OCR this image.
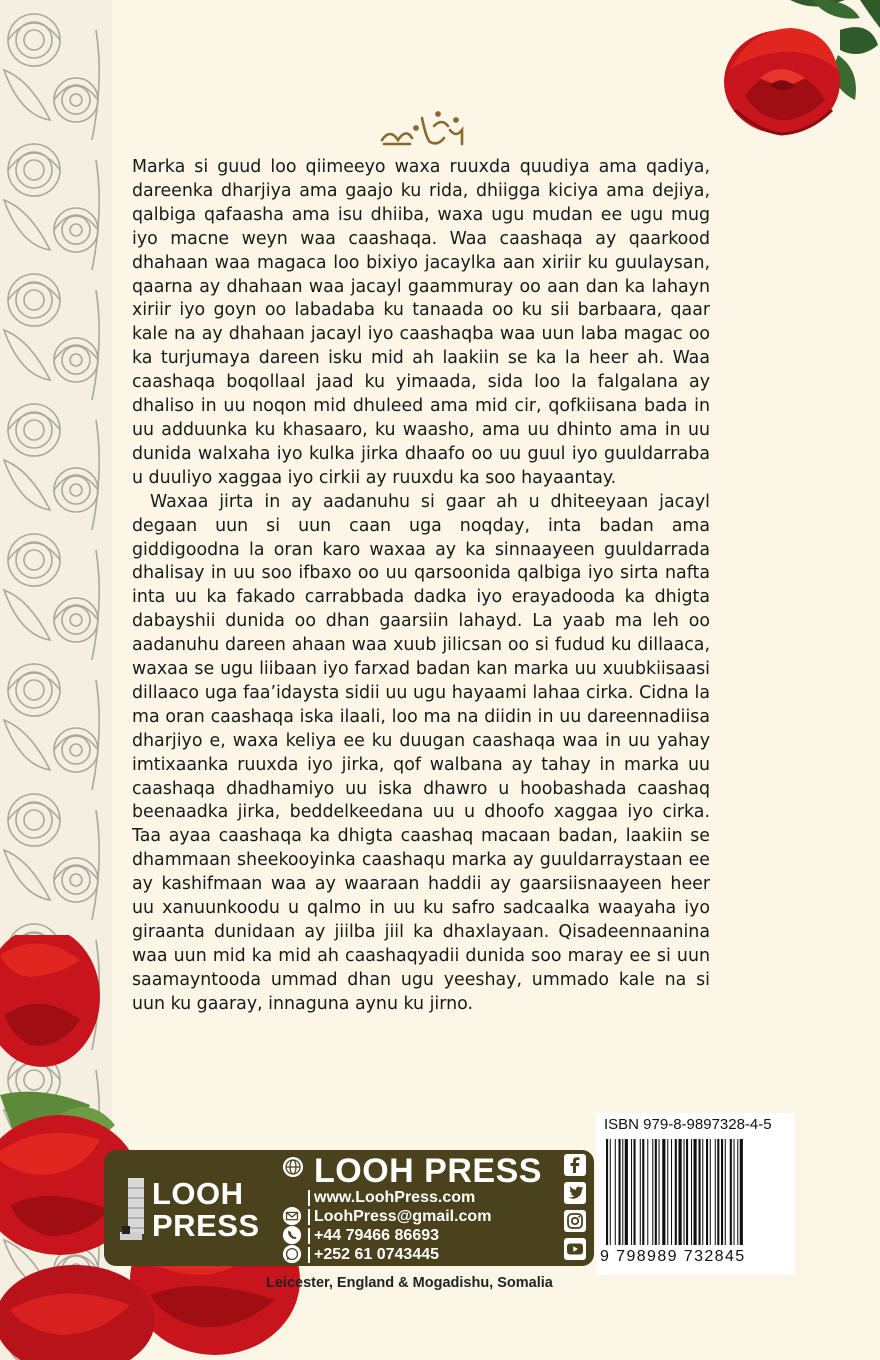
Marka si guud loo qiimeeyo waxa ruuxda quudiya ama qadiya, dareenka dharjiya ama gaajo ku rida, dhiigga kiciya ama dejiya, qalbiga qafaasha ama isu dhiiba, waxa ugu mudan ee ugu mug iyo macne weyn waa caashaqa. Waa caashaqa ay qaarkood dhahaan waa magaca loo bixiyo jacaylka aan xiriir ku guulaysan, qaarna ay dhahaan waa jacayl gaammuray oo aan dan ka lahayn xiriir iyo goyn oo labadaba ku tanaada oo ku sii barbaara, qaar kale na ay dhahaan jacayl iyo caashaqba waa uun laba magac oo ka turjumaya dareen isku mid ah laakiin se ka la heer ah. Waa caashaqa boqollaal jaad ku yimaada, sida loo la falgalana ay dhaliso in uu noqon mid dhuleed ama mid cir, qofkiisana bada in uu adduunka ku khasaaro, ku waasho, ama uu dhinto ama in uu dunida walxaha iyo kulka jirka dhaafo oo uu guul iyo guuldarraba u duuliyo xaggaa iyo cirkii ay ruuxdu ka soo hayaantay.

Waxaa jirta in ay aadanuhu si gaar ah u dhiteeyaan jacayl degaan uun si uun caan uga noqday, inta badan ama giddigoodna la oran karo waxaa ay ka sinnaayeen guuldarrada dhalisay in uu soo ifbaxo oo uu qarsoonida qalbiga iyo sirta nafta inta uu ka fakado carrabbada dadka iyo erayadooda ka dhigta dabayshii dunida oo dhan gaarsiin lahayd. La yaab ma leh oo aadanuhu dareen ahaan waa xuub jilicsan oo si fudud ku dillaaca, waxaa se ugu liibaan iyo farxad badan kan marka uu xuubkiisaasi dillaaco uga faa’idaysta sidii uu ugu hayaami lahaa cirka. Cidna la ma oran caashaqa iska ilaali, loo ma na diidin in uu dareennadiisa dharjiyo e, waxa keliya ee ku duugan caashaqa waa in uu yahay imtixaanka ruuxda iyo jirka, qof walbana ay tahay in marka uu caashaqa dhadhamiyo uu iska dhawro u hoobashada caashaq beenaadka jirka, beddelkeedana uu u dhoofo xaggaa iyo cirka. Taa ayaa caashaqa ka dhigta caashaq macaan badan, laakiin se dhammaan sheekooyinka caashaqu marka ay guuldarraystaan ee ay kashifmaan waa ay waaraan haddii ay gaarsiisnaayeen heer uu xanuunkoodu u qalmo in uu ku safro sadcaalka waayaha iyo giraanta dunidaan ay jiilba jiil ka dhaxlayaan. Qisadeennaanina waa uun mid ka mid ah caashaqyadii dunida soo maray ee si uun saamayntooda ummad dhan ugu yeeshay, ummado kale na si uun ku gaaray, innaguna aynu ku jirno.

LOOH
PRESS
LOOH PRESS
www.LoohPress.com
LoohPress@gmail.com
+44 79466 86693
+252 61 0743445
ISBN 979-8-9897328-4-5
9 798989 732845
Leicester, England & Mogadishu, Somalia
